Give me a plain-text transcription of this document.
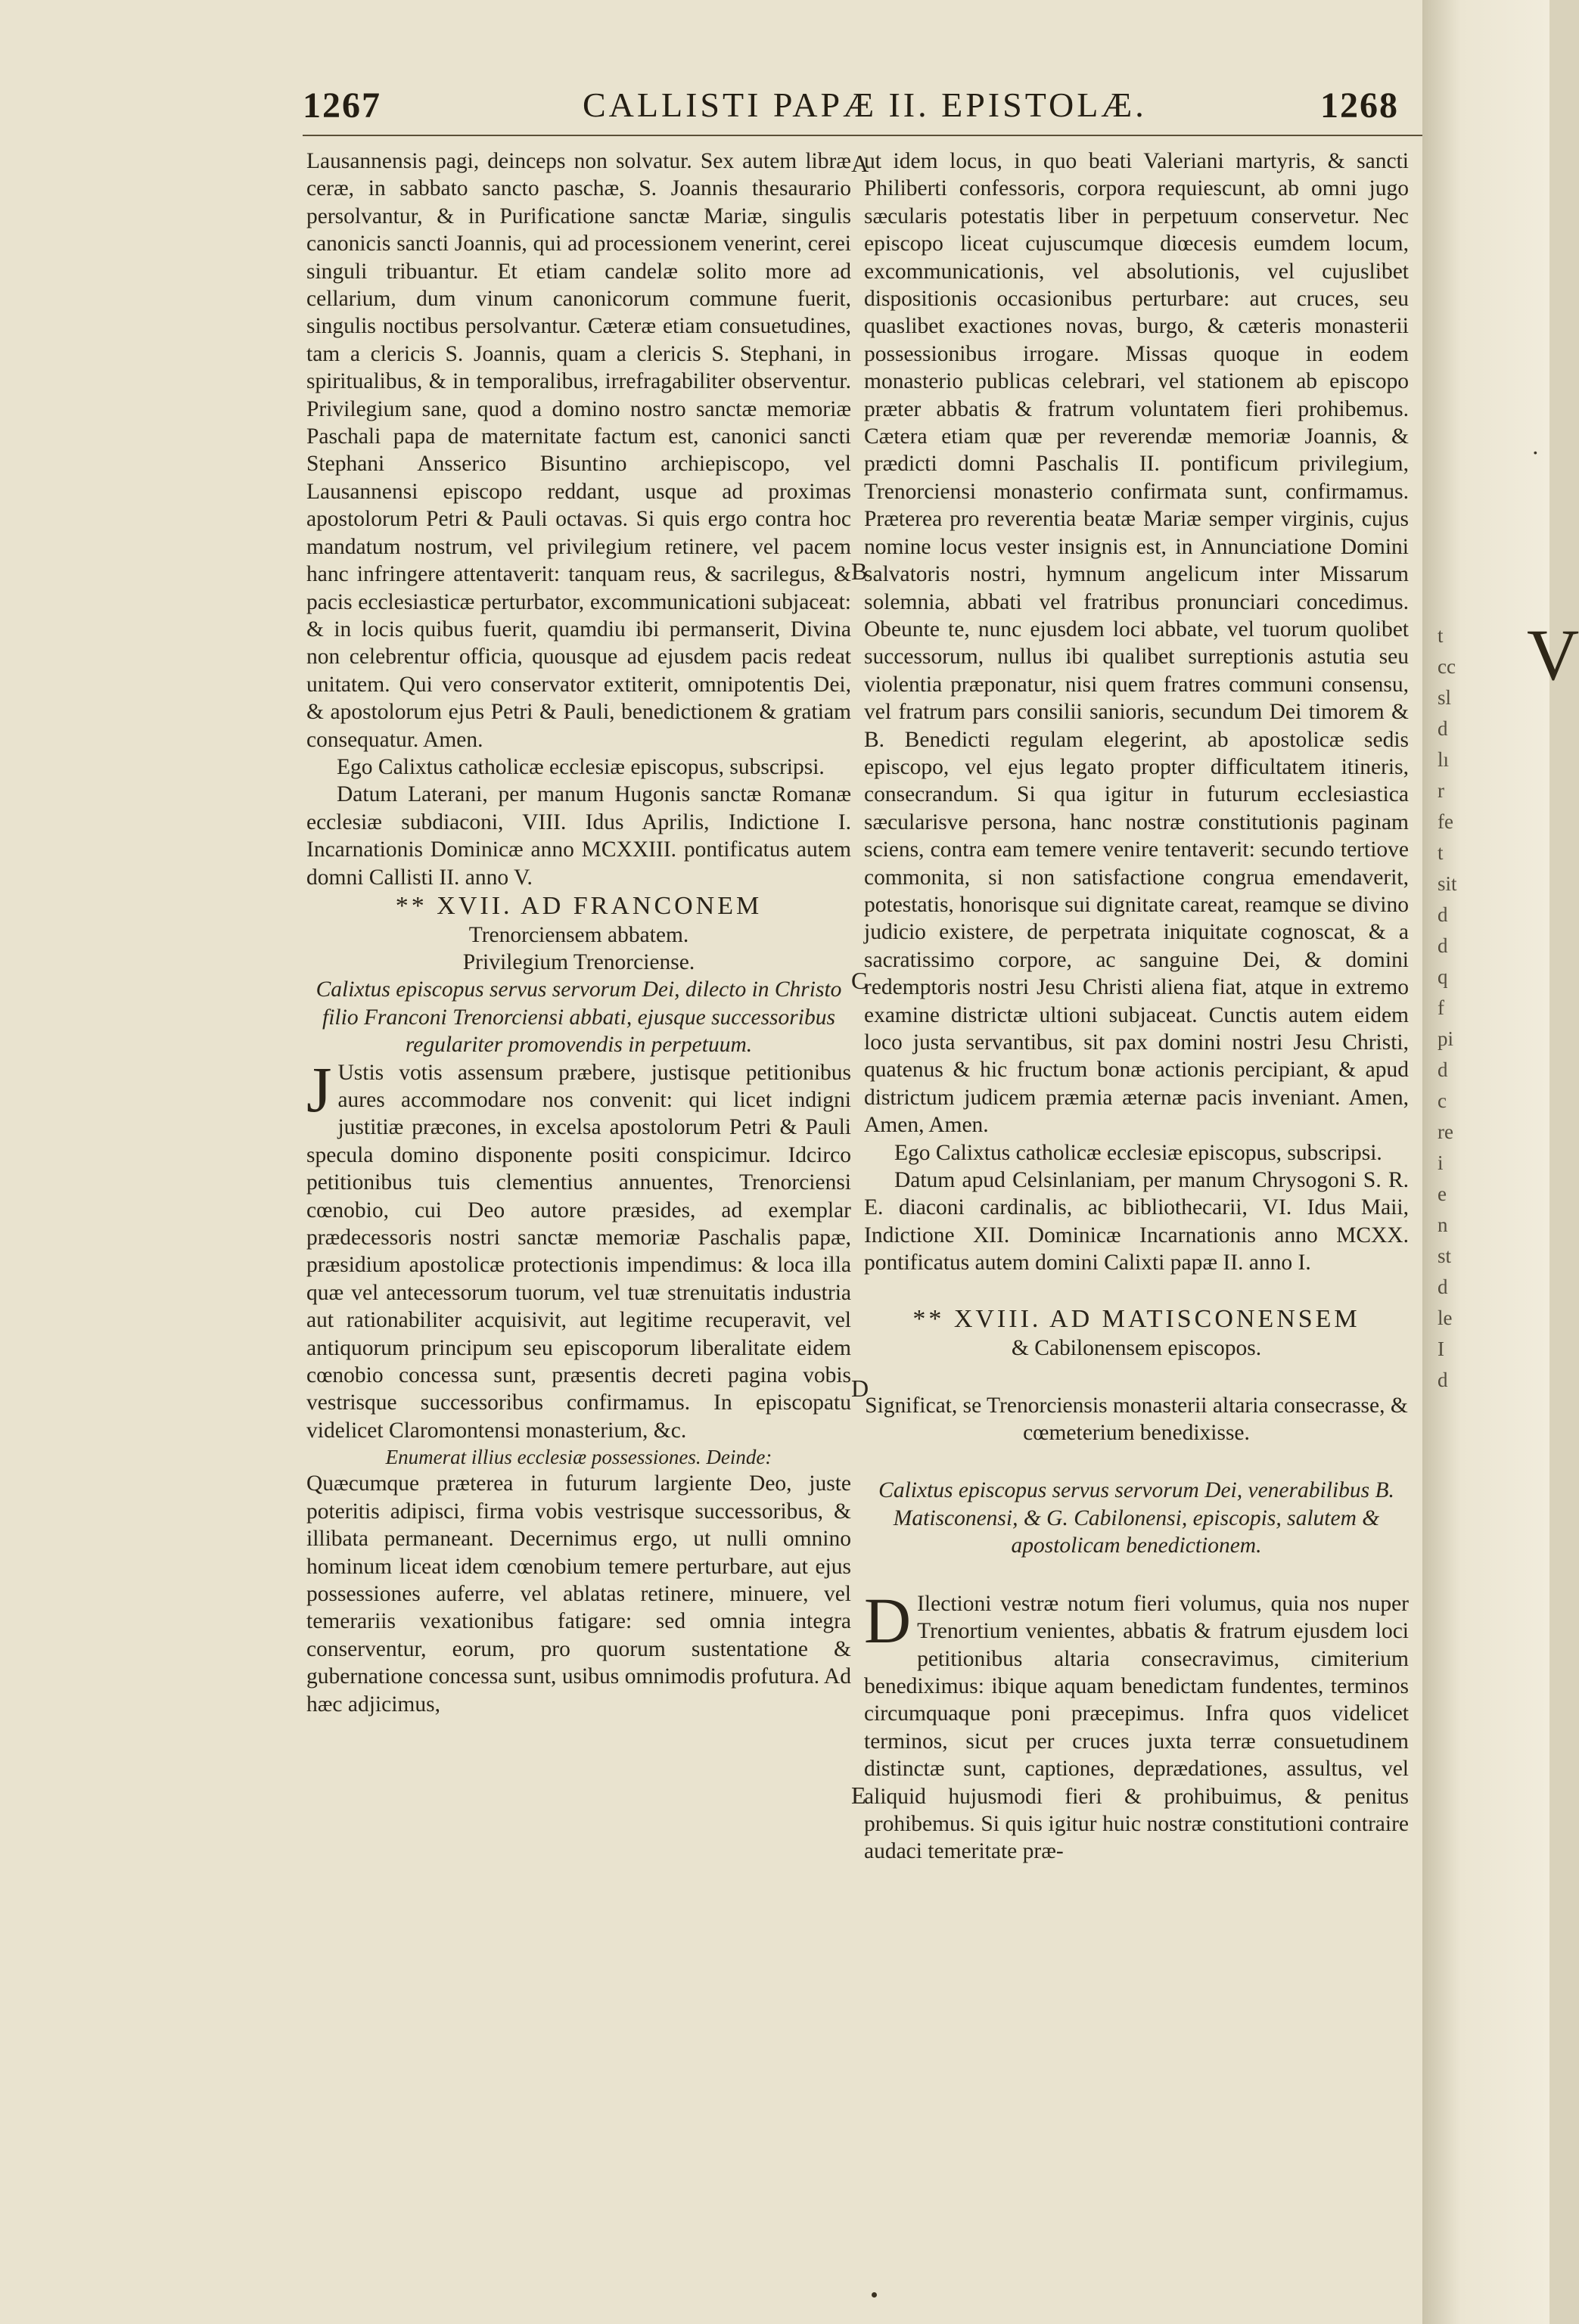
1267	CALLISTI PAPÆ II. EPISTOLÆ.	1268
A
B
C
D
E

Lausannensis pagi, deinceps non solvatur. Sex autem libræ ceræ, in sabbato sancto paschæ, S. Joannis thesaurario persolvantur, & in Purificatione sanctæ Mariæ, singulis canonicis sancti Joannis, qui ad processionem venerint, cerei singuli tribuantur. Et etiam candelæ solito more ad cellarium, dum vinum canonicorum commune fuerit, singulis noctibus persolvantur. Cæteræ etiam consuetudines, tam a clericis S. Joannis, quam a clericis S. Stephani, in spiritualibus, & in temporalibus, irrefragabiliter observentur. Privilegium sane, quod a domino nostro sanctæ memoriæ Paschali papa de maternitate factum est, canonici sancti Stephani Ansserico Bisuntino archiepiscopo, vel Lausannensi episcopo reddant, usque ad proximas apostolorum Petri & Pauli octavas. Si quis ergo contra hoc mandatum nostrum, vel privilegium retinere, vel pacem hanc infringere attentaverit: tanquam reus, & sacrilegus, & pacis ecclesiasticæ perturbator, excommunicationi subjaceat: & in locis quibus fuerit, quamdiu ibi permanserit, Divina non celebrentur officia, quousque ad ejusdem pacis redeat unitatem. Qui vero conservator extiterit, omnipotentis Dei, & apostolorum ejus Petri & Pauli, benedictionem & gratiam consequatur. Amen.

Ego Calixtus catholicæ ecclesiæ episcopus, subscripsi.

Datum Laterani, per manum Hugonis sanctæ Romanæ ecclesiæ subdiaconi, VIII. Idus Aprilis, Indictione I. Incarnationis Dominicæ anno MCXXIII. pontificatus autem domni Callisti II. anno V.

** XVII. AD FRANCONEM

Trenorciensem abbatem.

Privilegium Trenorciense.

Calixtus episcopus servus servorum Dei, dilecto in Christo filio Franconi Trenorciensi abbati, ejusque successoribus regulariter promovendis in perpetuum.

JUstis votis assensum præbere, justisque petitionibus aures accommodare nos convenit: qui licet indigni justitiæ præcones, in excelsa apostolorum Petri & Pauli specula domino disponente positi conspicimur. Idcirco petitionibus tuis clementius annuentes, Trenorciensi cœnobio, cui Deo autore præsides, ad exemplar prædecessoris nostri sanctæ memoriæ Paschalis papæ, præsidium apostolicæ protectionis impendimus: & loca illa quæ vel antecessorum tuorum, vel tuæ strenuitatis industria aut rationabiliter acquisivit, aut legitime recuperavit, vel antiquorum principum seu episcoporum liberalitate eidem cœnobio concessa sunt, præsentis decreti pagina vobis vestrisque successoribus confirmamus. In episcopatu videlicet Claromontensi monasterium, &c.

Enumerat illius ecclesiæ possessiones. Deinde:

Quæcumque præterea in futurum largiente Deo, juste poteritis adipisci, firma vobis vestrisque successoribus, & illibata permaneant. Decernimus ergo, ut nulli omnino hominum liceat idem cœnobium temere perturbare, aut ejus possessiones auferre, vel ablatas retinere, minuere, vel temerariis vexationibus fatigare: sed omnia integra conserventur, eorum, pro quorum sustentatione & gubernatione concessa sunt, usibus omnimodis profutura. Ad hæc adjicimus,

ut idem locus, in quo beati Valeriani martyris, & sancti Philiberti confessoris, corpora requiescunt, ab omni jugo sæcularis potestatis liber in perpetuum conservetur. Nec episcopo liceat cujuscumque diœcesis eumdem locum, excommunicationis, vel absolutionis, vel cujuslibet dispositionis occasionibus perturbare: aut cruces, seu quaslibet exactiones novas, burgo, & cæteris monasterii possessionibus irrogare. Missas quoque in eodem monasterio publicas celebrari, vel stationem ab episcopo præter abbatis & fratrum voluntatem fieri prohibemus. Cætera etiam quæ per reverendæ memoriæ Joannis, & prædicti domni Paschalis II. pontificum privilegium, Trenorciensi monasterio confirmata sunt, confirmamus. Præterea pro reverentia beatæ Mariæ semper virginis, cujus nomine locus vester insignis est, in Annunciatione Domini salvatoris nostri, hymnum angelicum inter Missarum solemnia, abbati vel fratribus pronunciari concedimus. Obeunte te, nunc ejusdem loci abbate, vel tuorum quolibet successorum, nullus ibi qualibet surreptionis astutia seu violentia præponatur, nisi quem fratres communi consensu, vel fratrum pars consilii sanioris, secundum Dei timorem & B. Benedicti regulam elegerint, ab apostolicæ sedis episcopo, vel ejus legato propter difficultatem itineris, consecrandum. Si qua igitur in futurum ecclesiastica sæcularisve persona, hanc nostræ constitutionis paginam sciens, contra eam temere venire tentaverit: secundo tertiove commonita, si non satisfactione congrua emendaverit, potestatis, honorisque sui dignitate careat, reamque se divino judicio existere, de perpetrata iniquitate cognoscat, & a sacratissimo corpore, ac sanguine Dei, & domini redemptoris nostri Jesu Christi aliena fiat, atque in extremo examine districtæ ultioni subjaceat. Cunctis autem eidem loco justa servantibus, sit pax domini nostri Jesu Christi, quatenus & hic fructum bonæ actionis percipiant, & apud districtum judicem præmia æternæ pacis inveniant. Amen, Amen, Amen.

Ego Calixtus catholicæ ecclesiæ episcopus, subscripsi.

Datum apud Celsinlaniam, per manum Chrysogoni S. R. E. diaconi cardinalis, ac bibliothecarii, VI. Idus Maii, Indictione XII. Dominicæ Incarnationis anno MCXX. pontificatus autem domini Calixti papæ II. anno I.

** XVIII. AD MATISCONENSEM

& Cabilonensem episcopos.

Significat, se Trenorciensis monasterii altaria consecrasse, & cœmeterium benedixisse.

Calixtus episcopus servus servorum Dei, venerabilibus B. Matisconensi, & G. Cabilonensi, episcopis, salutem & apostolicam benedictionem.

DIlectioni vestræ notum fieri volumus, quia nos nuper Trenortium venientes, abbatis & fratrum ejusdem loci petitionibus altaria consecravimus, cimiterium benediximus: ibique aquam benedictam fundentes, terminos circumquaque poni præcepimus. Infra quos videlicet terminos, sicut per cruces juxta terræ consuetudinem distinctæ sunt, captiones, deprædationes, assultus, vel aliquid hujusmodi fieri & prohibuimus, & penitus prohibemus. Si quis igitur huic nostræ constitutioni contraire audaci temeritate præ-

·
V
t
cc
sl
d
lı
r
fe
t
sit
d
d
q
f
pi
d
c
re
i
e
n
st
d
le
I
d
